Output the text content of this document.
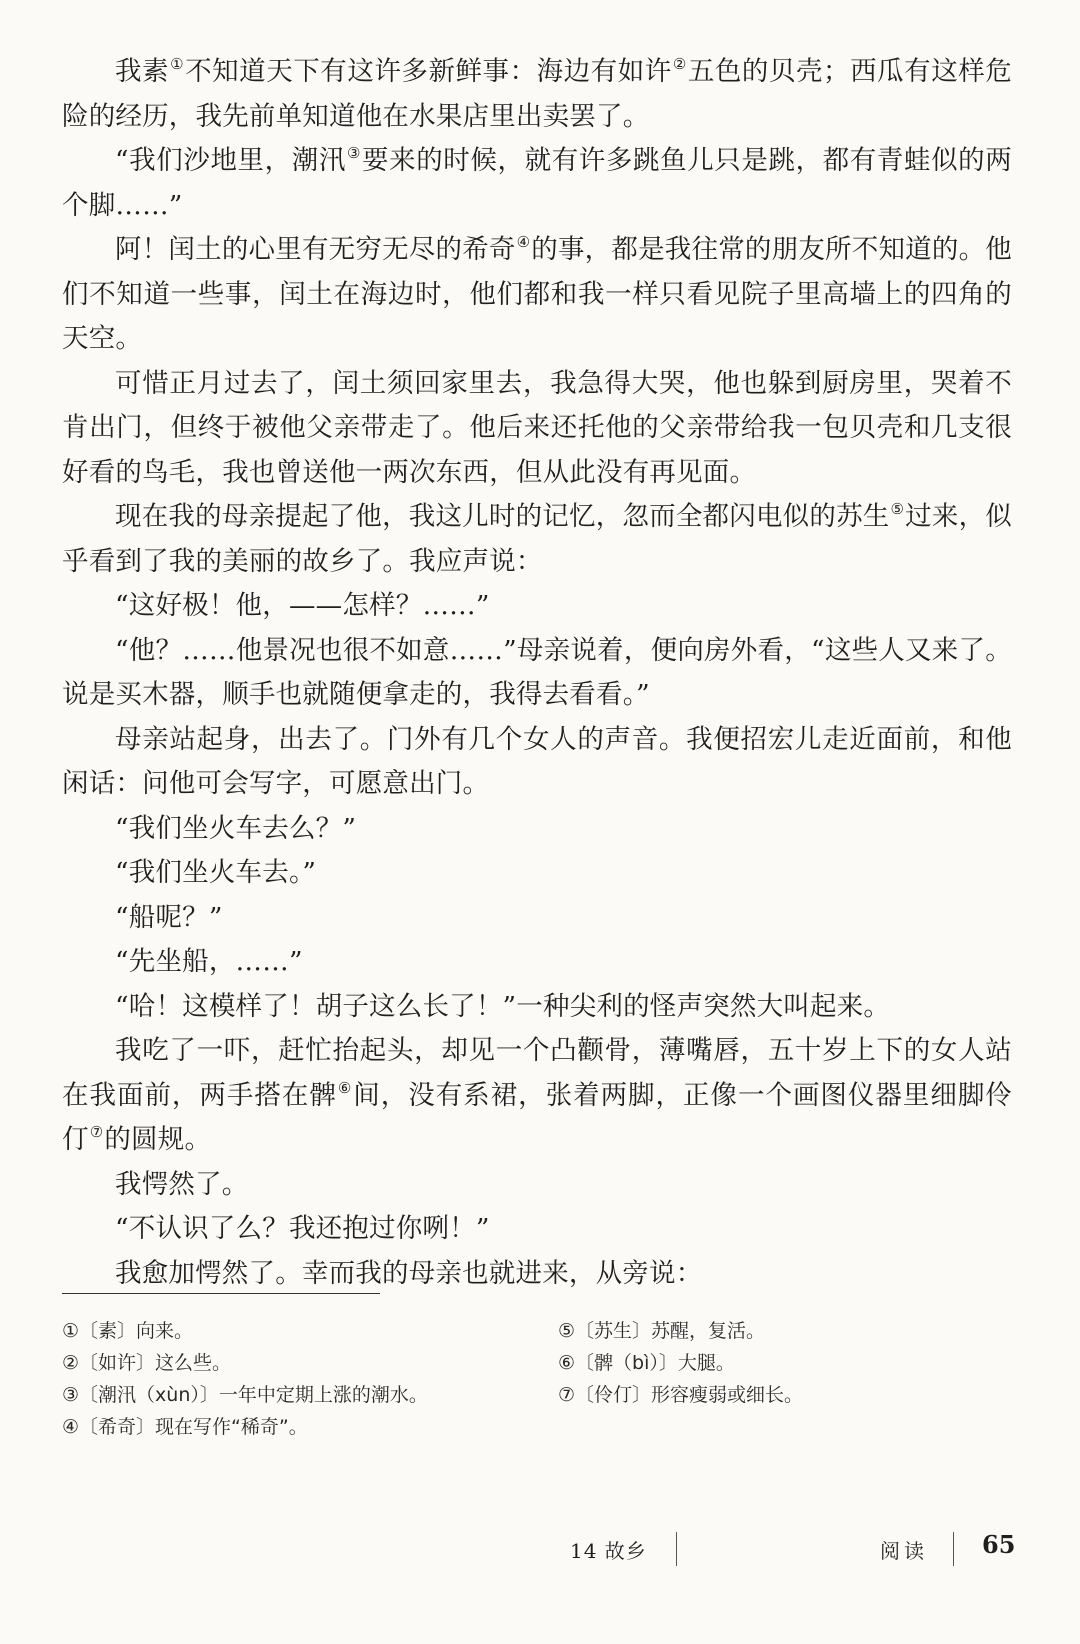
我素①不知道天下有这许多新鲜事：海边有如许②五色的贝壳；西瓜有这样危险的经历，我先前单知道他在水果店里出卖罢了。

“我们沙地里，潮汛③要来的时候，就有许多跳鱼儿只是跳，都有青蛙似的两个脚……”

阿！闰土的心里有无穷无尽的希奇④的事，都是我往常的朋友所不知道的。他们不知道一些事，闰土在海边时，他们都和我一样只看见院子里高墙上的四角的天空。

可惜正月过去了，闰土须回家里去，我急得大哭，他也躲到厨房里，哭着不肯出门，但终于被他父亲带走了。他后来还托他的父亲带给我一包贝壳和几支很好看的鸟毛，我也曾送他一两次东西，但从此没有再见面。

现在我的母亲提起了他，我这儿时的记忆，忽而全都闪电似的苏生⑤过来，似乎看到了我的美丽的故乡了。我应声说：

“这好极！他，——怎样？……”

“他？……他景况也很不如意……”母亲说着，便向房外看，“这些人又来了。说是买木器，顺手也就随便拿走的，我得去看看。”

母亲站起身，出去了。门外有几个女人的声音。我便招宏儿走近面前，和他闲话：问他可会写字，可愿意出门。

“我们坐火车去么？”

“我们坐火车去。”

“船呢？”

“先坐船，……”

“哈！这模样了！胡子这么长了！”一种尖利的怪声突然大叫起来。

我吃了一吓，赶忙抬起头，却见一个凸颧骨，薄嘴唇，五十岁上下的女人站在我面前，两手搭在髀⑥间，没有系裙，张着两脚，正像一个画图仪器里细脚伶仃⑦的圆规。

我愕然了。

“不认识了么？我还抱过你咧！”

我愈加愕然了。幸而我的母亲也就进来，从旁说：

①〔素〕向来。
②〔如许〕这么些。
③〔潮汛（xùn）〕一年中定期上涨的潮水。
④〔希奇〕现在写作“稀奇”。
⑤〔苏生〕苏醒，复活。
⑥〔髀（bì）〕大腿。
⑦〔伶仃〕形容瘦弱或细长。
14 故乡	阅读 65
